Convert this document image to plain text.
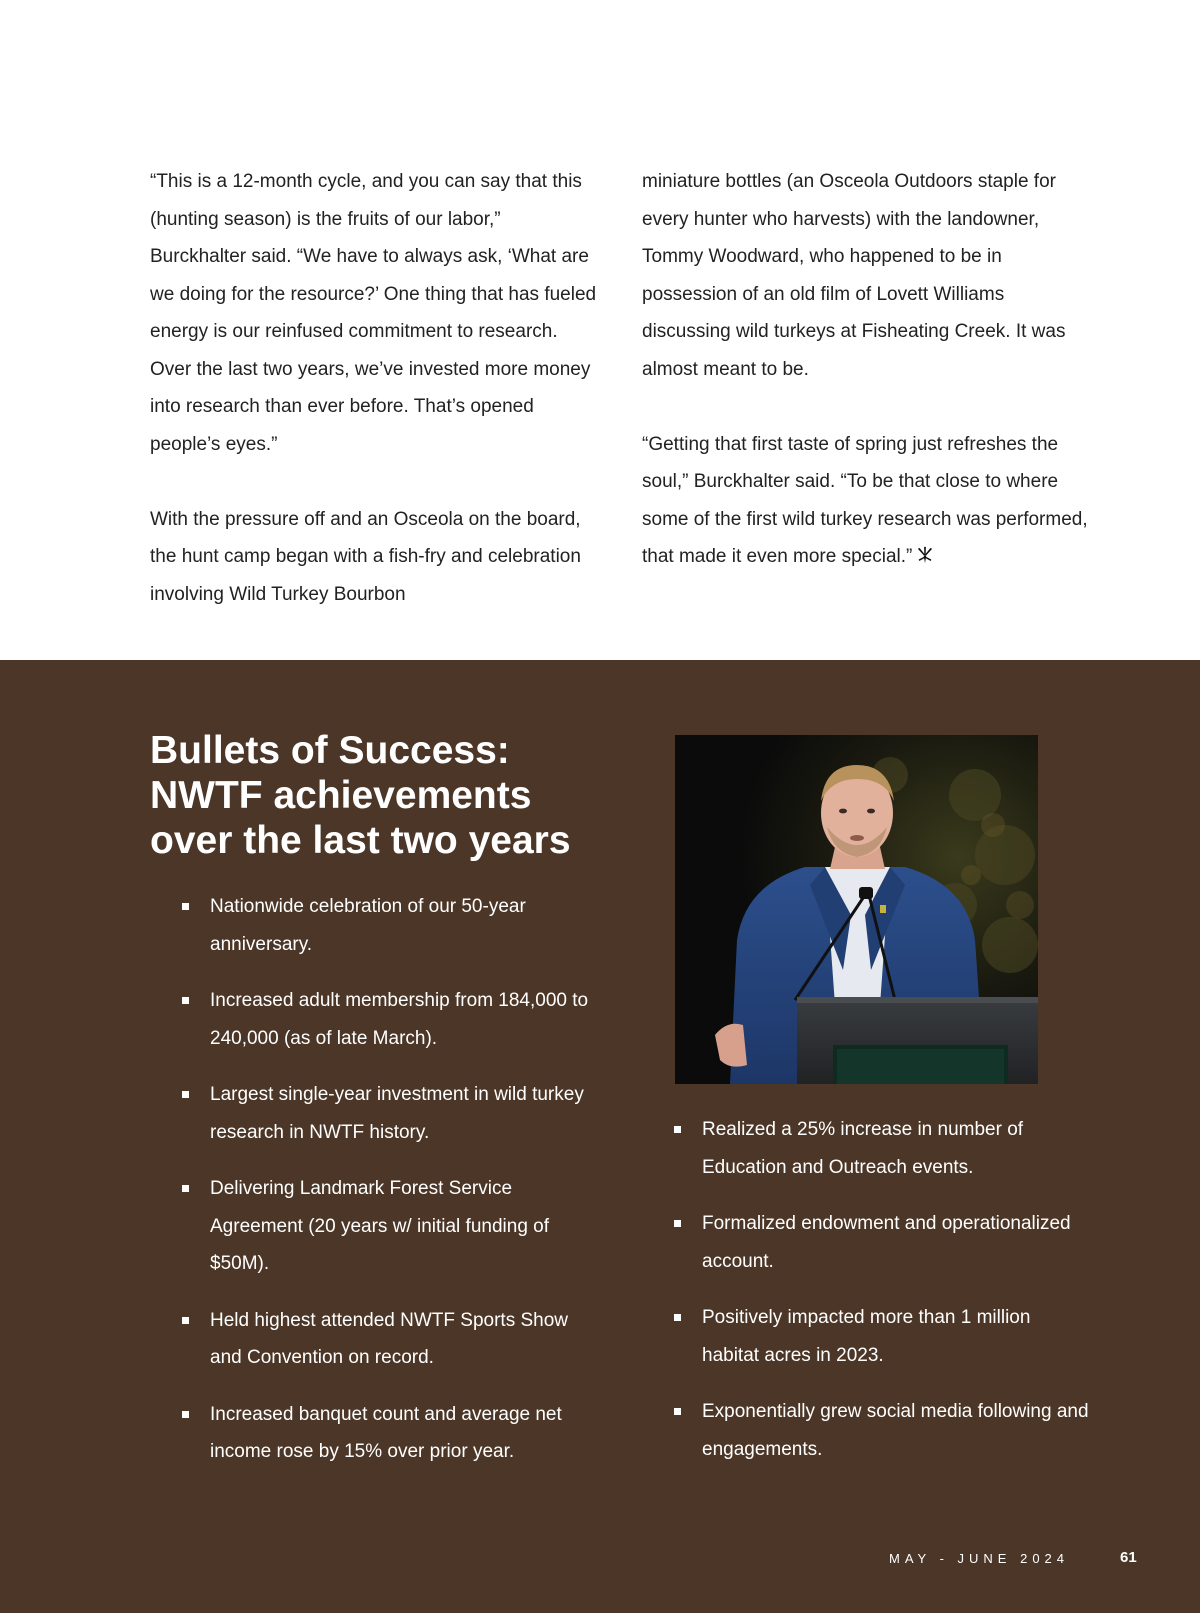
“This is a 12-month cycle, and you can say that this (hunting season) is the fruits of our labor,” Burckhalter said. “We have to always ask, ‘What are we doing for the resource?’ One thing that has fueled energy is our reinfused commitment to research. Over the last two years, we’ve invested more money into research than ever before. That’s opened people’s eyes.”

With the pressure off and an Osceola on the board, the hunt camp began with a fish-fry and celebration involving Wild Turkey Bourbon

miniature bottles (an Osceola Outdoors staple for every hunter who harvests) with the landowner, Tommy Woodward, who happened to be in possession of an old film of Lovett Williams discussing wild turkeys at Fisheating Creek. It was almost meant to be.

“Getting that first taste of spring just refreshes the soul,” Burckhalter said. “To be that close to where some of the first wild turkey research was performed, that made it even more special.”

Bullets of Success: NWTF achievements over the last two years
Nationwide celebration of our 50-year anniversary.
Increased adult membership from 184,000 to 240,000 (as of late March).
Largest single-year investment in wild turkey research in NWTF history.
Delivering Landmark Forest Service Agreement (20 years w/ initial funding of $50M).
Held highest attended NWTF Sports Show and Convention on record.
Increased banquet count and average net income rose by 15% over prior year.
Realized a 25% increase in number of Education and Outreach events.
Formalized endowment and operationalized account.
Positively impacted more than 1 million habitat acres in 2023.
Exponentially grew social media following and engagements.
MAY - JUNE 2024	61
